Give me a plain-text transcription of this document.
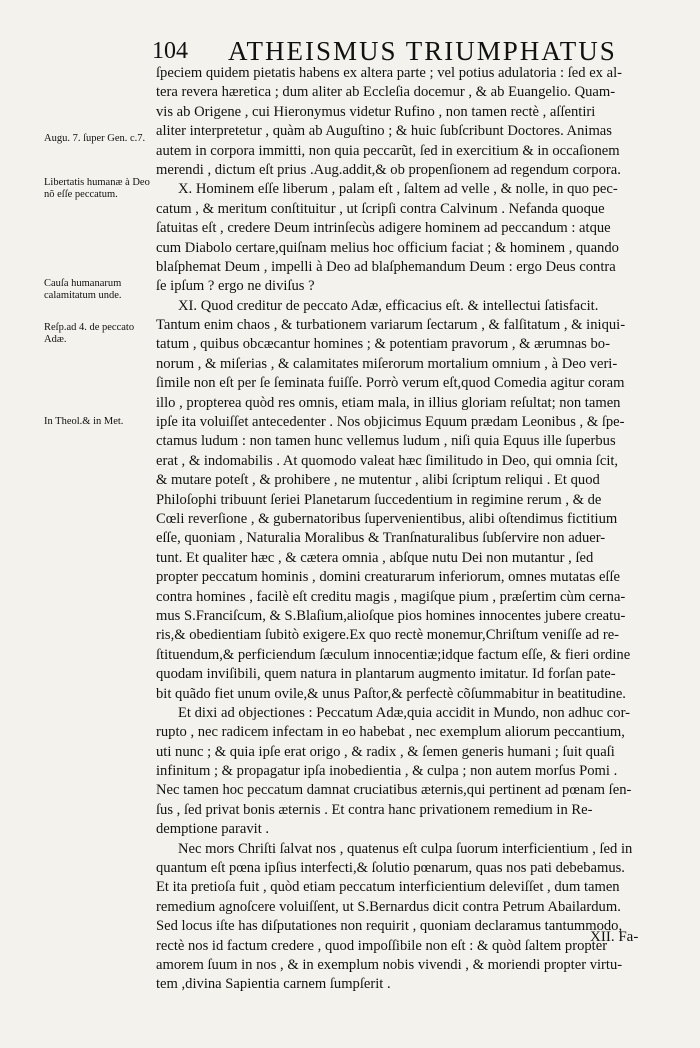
104 ATHEISMUS TRIUMPHATUS
Augu. 7. ſuper Gen. c.7.
Libertatis humanæ à Deo nõ eſſe peccatum.
Cauſa humanarum calamitatum unde.
Reſp.ad 4. de peccato Adæ.
In Theol.& in Met.
ſpeciem quidem pietatis habens ex altera parte ; vel potius adulatoria : ſed ex al-
tera revera hæretica ; dum aliter ab Eccleſia docemur , & ab Euangelio. Quam-
vis ab Origene , cui Hieronymus videtur Rufino , non tamen rectè , aſſentiri
aliter interpretetur , quàm ab Auguſtino ; & huic ſubſcribunt Doctores. Animas
autem in corpora immitti, non quia peccarũt, ſed in exercitium & in occaſionem
merendi , dictum eſt prius .Aug.addit,& ob propenſionem ad regendum corpora.
X. Hominem eſſe liberum , palam eſt , ſaltem ad velle , & nolle, in quo pec-
catum , & meritum conſtituitur , ut ſcripſi contra Calvinum . Nefanda quoque
ſatuitas eſt , credere Deum intrinſecùs adigere hominem ad peccandum : atque
cum Diabolo certare,quiſnam melius hoc officium faciat ; & hominem , quando
blaſphemat Deum , impelli à Deo ad blaſphemandum Deum : ergo Deus contra
ſe ipſum ? ergo ne diviſus ?
XI. Quod creditur de peccato Adæ, efficacius eſt. & intellectui ſatisfacit.
Tantum enim chaos , & turbationem variarum ſectarum , & falſitatum , & iniqui-
tatum , quibus obcæcantur homines ; & potentiam pravorum , & ærumnas bo-
norum , & miſerias , & calamitates miſerorum mortalium omnium , à Deo veri-
ſimile non eſt per ſe ſeminata fuiſſe. Porrò verum eſt,quod Comedia agitur coram
illo , propterea quòd res omnis, etiam mala, in illius gloriam reſultat; non tamen
ipſe ita voluiſſet antecedenter . Nos objicimus Equum prædam Leonibus , & ſpe-
ctamus ludum : non tamen hunc vellemus ludum , niſi quia Equus ille ſuperbus
erat , & indomabilis . At quomodo valeat hæc ſimilitudo in Deo, qui omnia ſcit,
& mutare poteſt , & prohibere , ne mutentur , alibi ſcriptum reliqui . Et quod
Philoſophi tribuunt ſeriei Planetarum ſuccedentium in regimine rerum , & de
Cœli reverſione , & gubernatoribus ſupervenientibus, alibi oſtendimus fictitium
eſſe, quoniam , Naturalia Moralibus & Tranſnaturalibus ſubſervire non aduer-
tunt. Et qualiter hæc , & cætera omnia , abſque nutu Dei non mutantur , ſed
propter peccatum hominis , domini creaturarum inferiorum, omnes mutatas eſſe
contra homines , facilè eſt creditu magis , magiſque pium , præſertim cùm cerna-
mus S.Franciſcum, & S.Blaſium,alioſque pios homines innocentes jubere creatu-
ris,& obedientiam ſubitò exigere.Ex quo rectè monemur,Chriſtum veniſſe ad re-
ſtituendum,& perficiendum ſæculum innocentiæ;idque factum eſſe, & fieri ordine
quodam inviſibili, quem natura in plantarum augmento imitatur. Id forſan pate-
bit quãdo fiet unum ovile,& unus Paſtor,& perfectè cõſummabitur in beatitudine.
Et dixi ad objectiones : Peccatum Adæ,quia accidit in Mundo, non adhuc cor-
rupto , nec radicem infectam in eo habebat , nec exemplum aliorum peccantium,
uti nunc ; & quia ipſe erat origo , & radix , & ſemen generis humani ; ſuit quaſi
infinitum ; & propagatur ipſa inobedientia , & culpa ; non autem morſus Pomi .
Nec tamen hoc peccatum damnat cruciatibus æternis,qui pertinent ad pœnam ſen-
ſus , ſed privat bonis æternis . Et contra hanc privationem remedium in Re-
demptione paravit .
Nec mors Chriſti ſalvat nos , quatenus eſt culpa ſuorum interficientium , ſed in
quantum eſt pœna ipſius interfecti,& ſolutio pœnarum, quas nos pati debebamus.
Et ita pretioſa fuit , quòd etiam peccatum interficientium deleviſſet , dum tamen
remedium agnoſcere voluiſſent, ut S.Bernardus dicit contra Petrum Abailardum.
Sed locus iſte has diſputationes non requirit , quoniam declaramus tantummodo,
rectè nos id factum credere , quod impoſſibile non eſt : & quòd ſaltem propter
amorem ſuum in nos , & in exemplum nobis vivendi , & moriendi propter virtu-
tem ,divina Sapientia carnem ſumpſerit .
XII. Fa-
